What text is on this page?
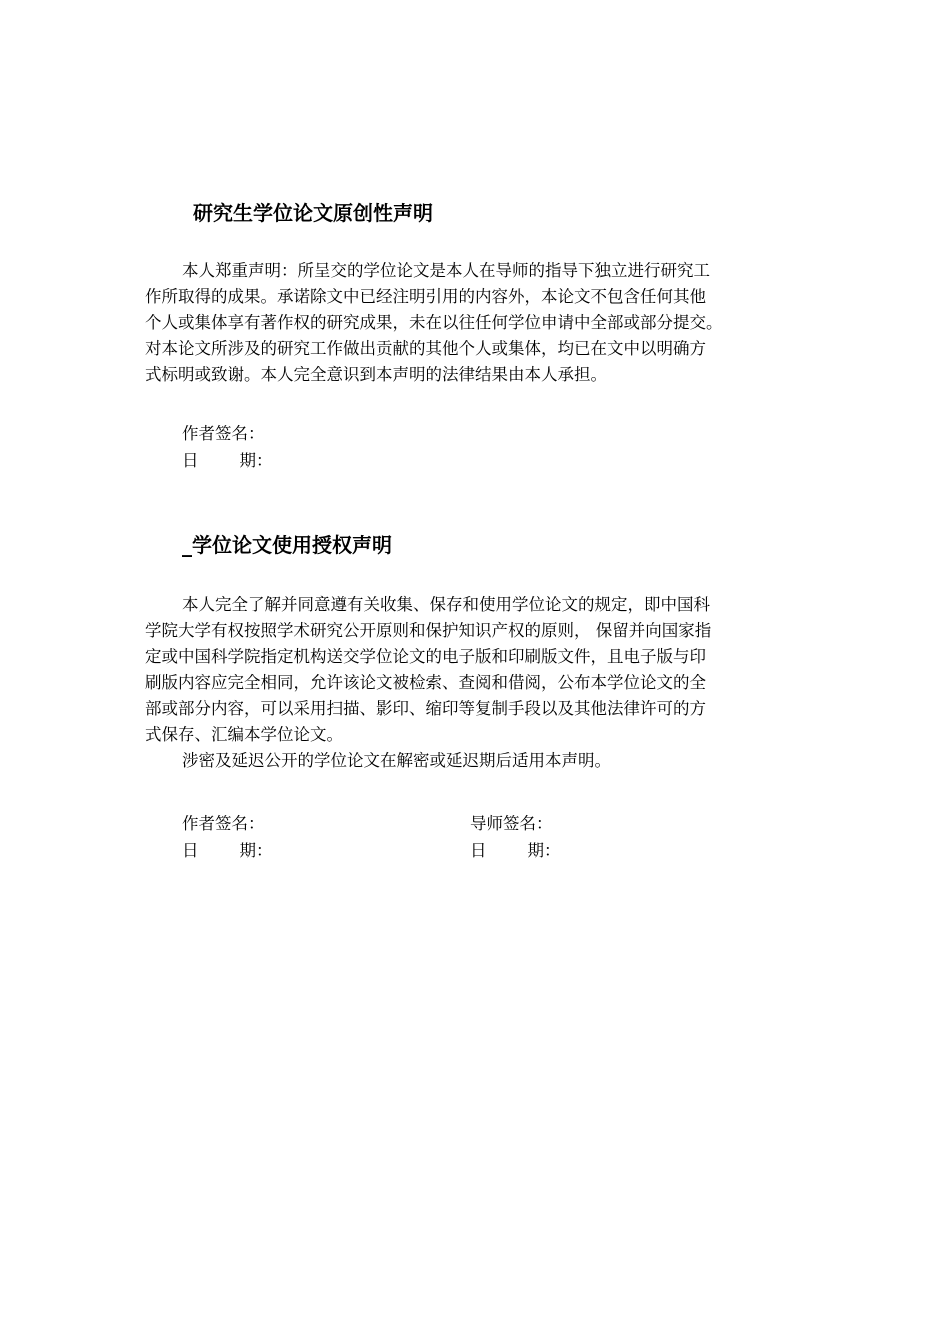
研究生学位论文原创性声明
本人郑重声明：所呈交的学位论文是本人在导师的指导下独立进行研究工
作所取得的成果。承诺除文中已经注明引用的内容外，本论文不包含任何其他
个人或集体享有著作权的研究成果，未在以往任何学位申请中全部或部分提交。
对本论文所涉及的研究工作做出贡献的其他个人或集体，均已在文中以明确方
式标明或致谢。本人完全意识到本声明的法律结果由本人承担。
作者签名：
日 期：
_学位论文使用授权声明
本人完全了解并同意遵有关收集、保存和使用学位论文的规定，即中国科
学院大学有权按照学术研究公开原则和保护知识产权的原则， 保留并向国家指
定或中国科学院指定机构送交学位论文的电子版和印刷版文件，且电子版与印
刷版内容应完全相同，允许该论文被检索、查阅和借阅，公布本学位论文的全
部或部分内容，可以采用扫描、影印、缩印等复制手段以及其他法律许可的方
式保存、汇编本学位论文。
涉密及延迟公开的学位论文在解密或延迟期后适用本声明。
作者签名：	导师签名：
日 期：	日 期：
